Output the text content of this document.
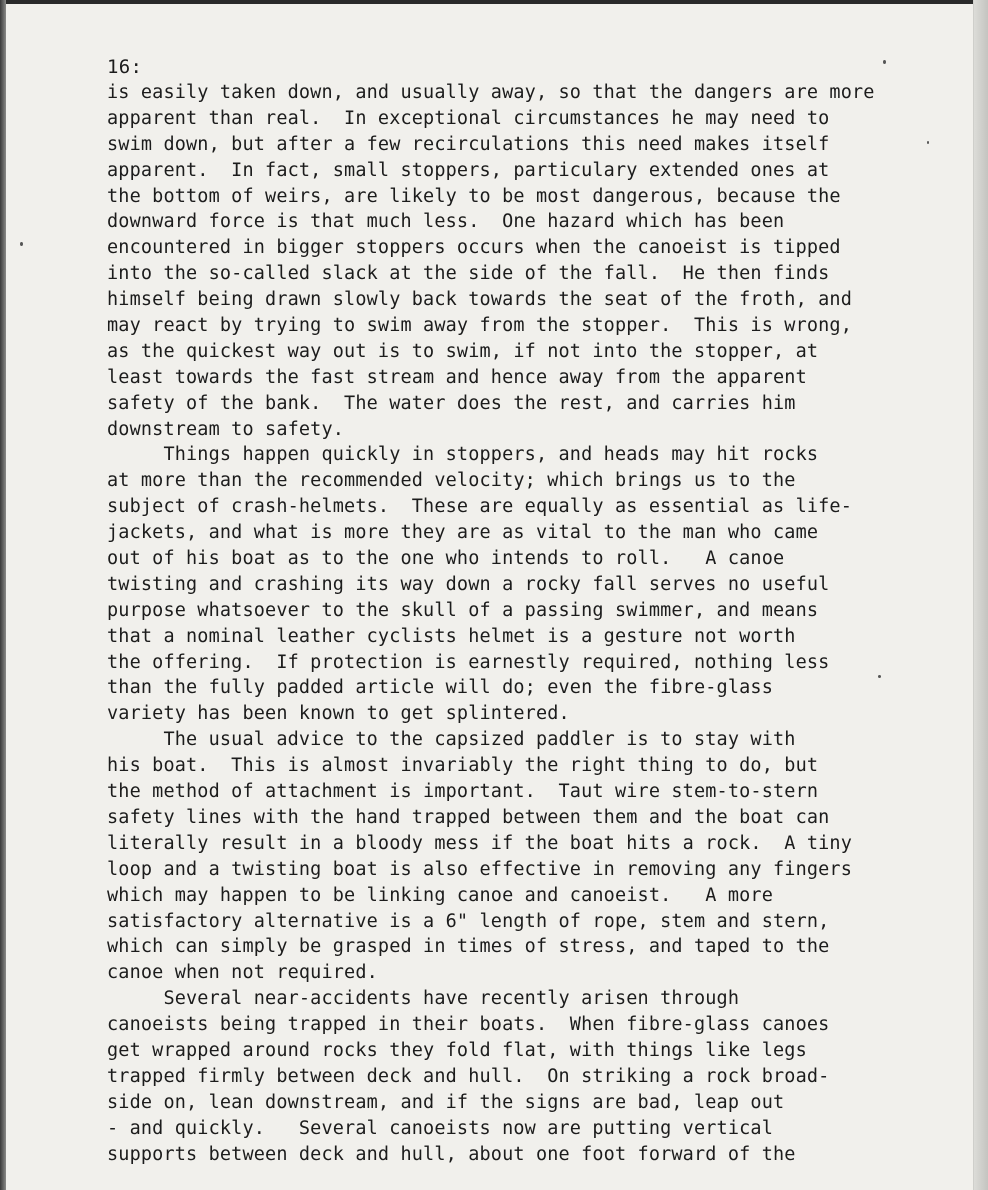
16:
is easily taken down, and usually away, so that the dangers are more
apparent than real.  In exceptional circumstances he may need to
swim down, but after a few recirculations this need makes itself
apparent.  In fact, small stoppers, particulary extended ones at
the bottom of weirs, are likely to be most dangerous, because the
downward force is that much less.  One hazard which has been
encountered in bigger stoppers occurs when the canoeist is tipped
into the so-called slack at the side of the fall.  He then finds
himself being drawn slowly back towards the seat of the froth, and
may react by trying to swim away from the stopper.  This is wrong,
as the quickest way out is to swim, if not into the stopper, at
least towards the fast stream and hence away from the apparent
safety of the bank.  The water does the rest, and carries him
downstream to safety.
Things happen quickly in stoppers, and heads may hit rocks
at more than the recommended velocity; which brings us to the
subject of crash-helmets.  These are equally as essential as life-
jackets, and what is more they are as vital to the man who came
out of his boat as to the one who intends to roll.   A canoe
twisting and crashing its way down a rocky fall serves no useful
purpose whatsoever to the skull of a passing swimmer, and means
that a nominal leather cyclists helmet is a gesture not worth
the offering.  If protection is earnestly required, nothing less
than the fully padded article will do; even the fibre-glass
variety has been known to get splintered.
The usual advice to the capsized paddler is to stay with
his boat.  This is almost invariably the right thing to do, but
the method of attachment is important.  Taut wire stem-to-stern
safety lines with the hand trapped between them and the boat can
literally result in a bloody mess if the boat hits a rock.  A tiny
loop and a twisting boat is also effective in removing any fingers
which may happen to be linking canoe and canoeist.   A more
satisfactory alternative is a 6" length of rope, stem and stern,
which can simply be grasped in times of stress, and taped to the
canoe when not required.
Several near-accidents have recently arisen through
canoeists being trapped in their boats.  When fibre-glass canoes
get wrapped around rocks they fold flat, with things like legs
trapped firmly between deck and hull.  On striking a rock broad-
side on, lean downstream, and if the signs are bad, leap out
- and quickly.   Several canoeists now are putting vertical
supports between deck and hull, about one foot forward of the
